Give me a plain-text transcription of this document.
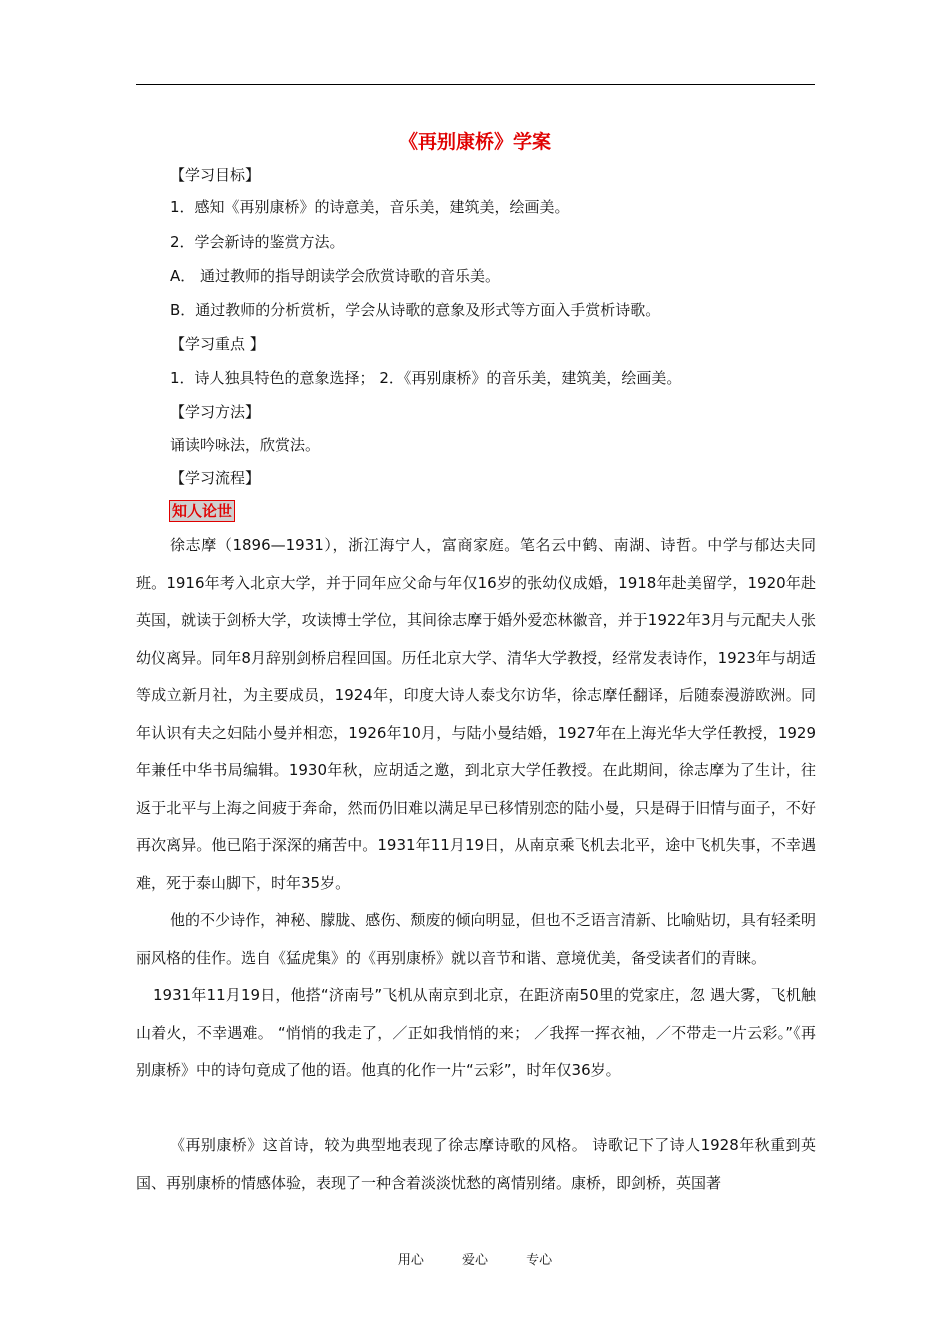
《再别康桥》学案
【学习目标】
1．感知《再别康桥》的诗意美，音乐美，建筑美，绘画美。
2．学会新诗的鉴赏方法。
A． 通过教师的指导朗读学会欣赏诗歌的音乐美。
B．通过教师的分析赏析，学会从诗歌的意象及形式等方面入手赏析诗歌。
【学习重点 】
1．诗人独具特色的意象选择； 2．《再别康桥》的音乐美，建筑美，绘画美。
【学习方法】
诵读吟咏法，欣赏法。
【学习流程】
知人论世

徐志摩（1896—1931），浙江海宁人，富商家庭。笔名云中鹤、南湖、诗哲。中学与郁达夫同班。1916年考入北京大学，并于同年应父命与年仅16岁的张幼仪成婚，1918年赴美留学，1920年赴英国，就读于剑桥大学，攻读博士学位，其间徐志摩于婚外爱恋林徽音，并于1922年3月与元配夫人张幼仪离异。同年8月辞别剑桥启程回国。历任北京大学、清华大学教授，经常发表诗作，1923年与胡适等成立新月社，为主要成员，1924年，印度大诗人泰戈尔访华，徐志摩任翻译，后随泰漫游欧洲。同年认识有夫之妇陆小曼并相恋，1926年10月，与陆小曼结婚，1927年在上海光华大学任教授，1929年兼任中华书局编辑。1930年秋，应胡适之邀，到北京大学任教授。在此期间，徐志摩为了生计，往返于北平与上海之间疲于奔命，然而仍旧难以满足早已移情别恋的陆小曼，只是碍于旧情与面子，不好再次离异。他已陷于深深的痛苦中。1931年11月19日，从南京乘飞机去北平，途中飞机失事，不幸遇难，死于泰山脚下，时年35岁。

他的不少诗作，神秘、朦胧、感伤、颓废的倾向明显，但也不乏语言清新、比喻贴切，具有轻柔明丽风格的佳作。选自《猛虎集》的《再别康桥》就以音节和谐、意境优美，备受读者们的青睐。

1931年11月19日，他搭“济南号”飞机从南京到北京，在距济南50里的党家庄，忽 遇大雾，飞机触山着火，不幸遇难。 “悄悄的我走了，／正如我悄悄的来； ／我挥一挥衣袖，／不带走一片云彩。”《再别康桥》中的诗句竟成了他的语。他真的化作一片“云彩”，时年仅36岁。

《再别康桥》这首诗，较为典型地表现了徐志摩诗歌的风格。 诗歌记下了诗人1928年秋重到英国、再别康桥的情感体验，表现了一种含着淡淡忧愁的离情别绪。康桥，即剑桥，英国著

用心	爱心	专心
